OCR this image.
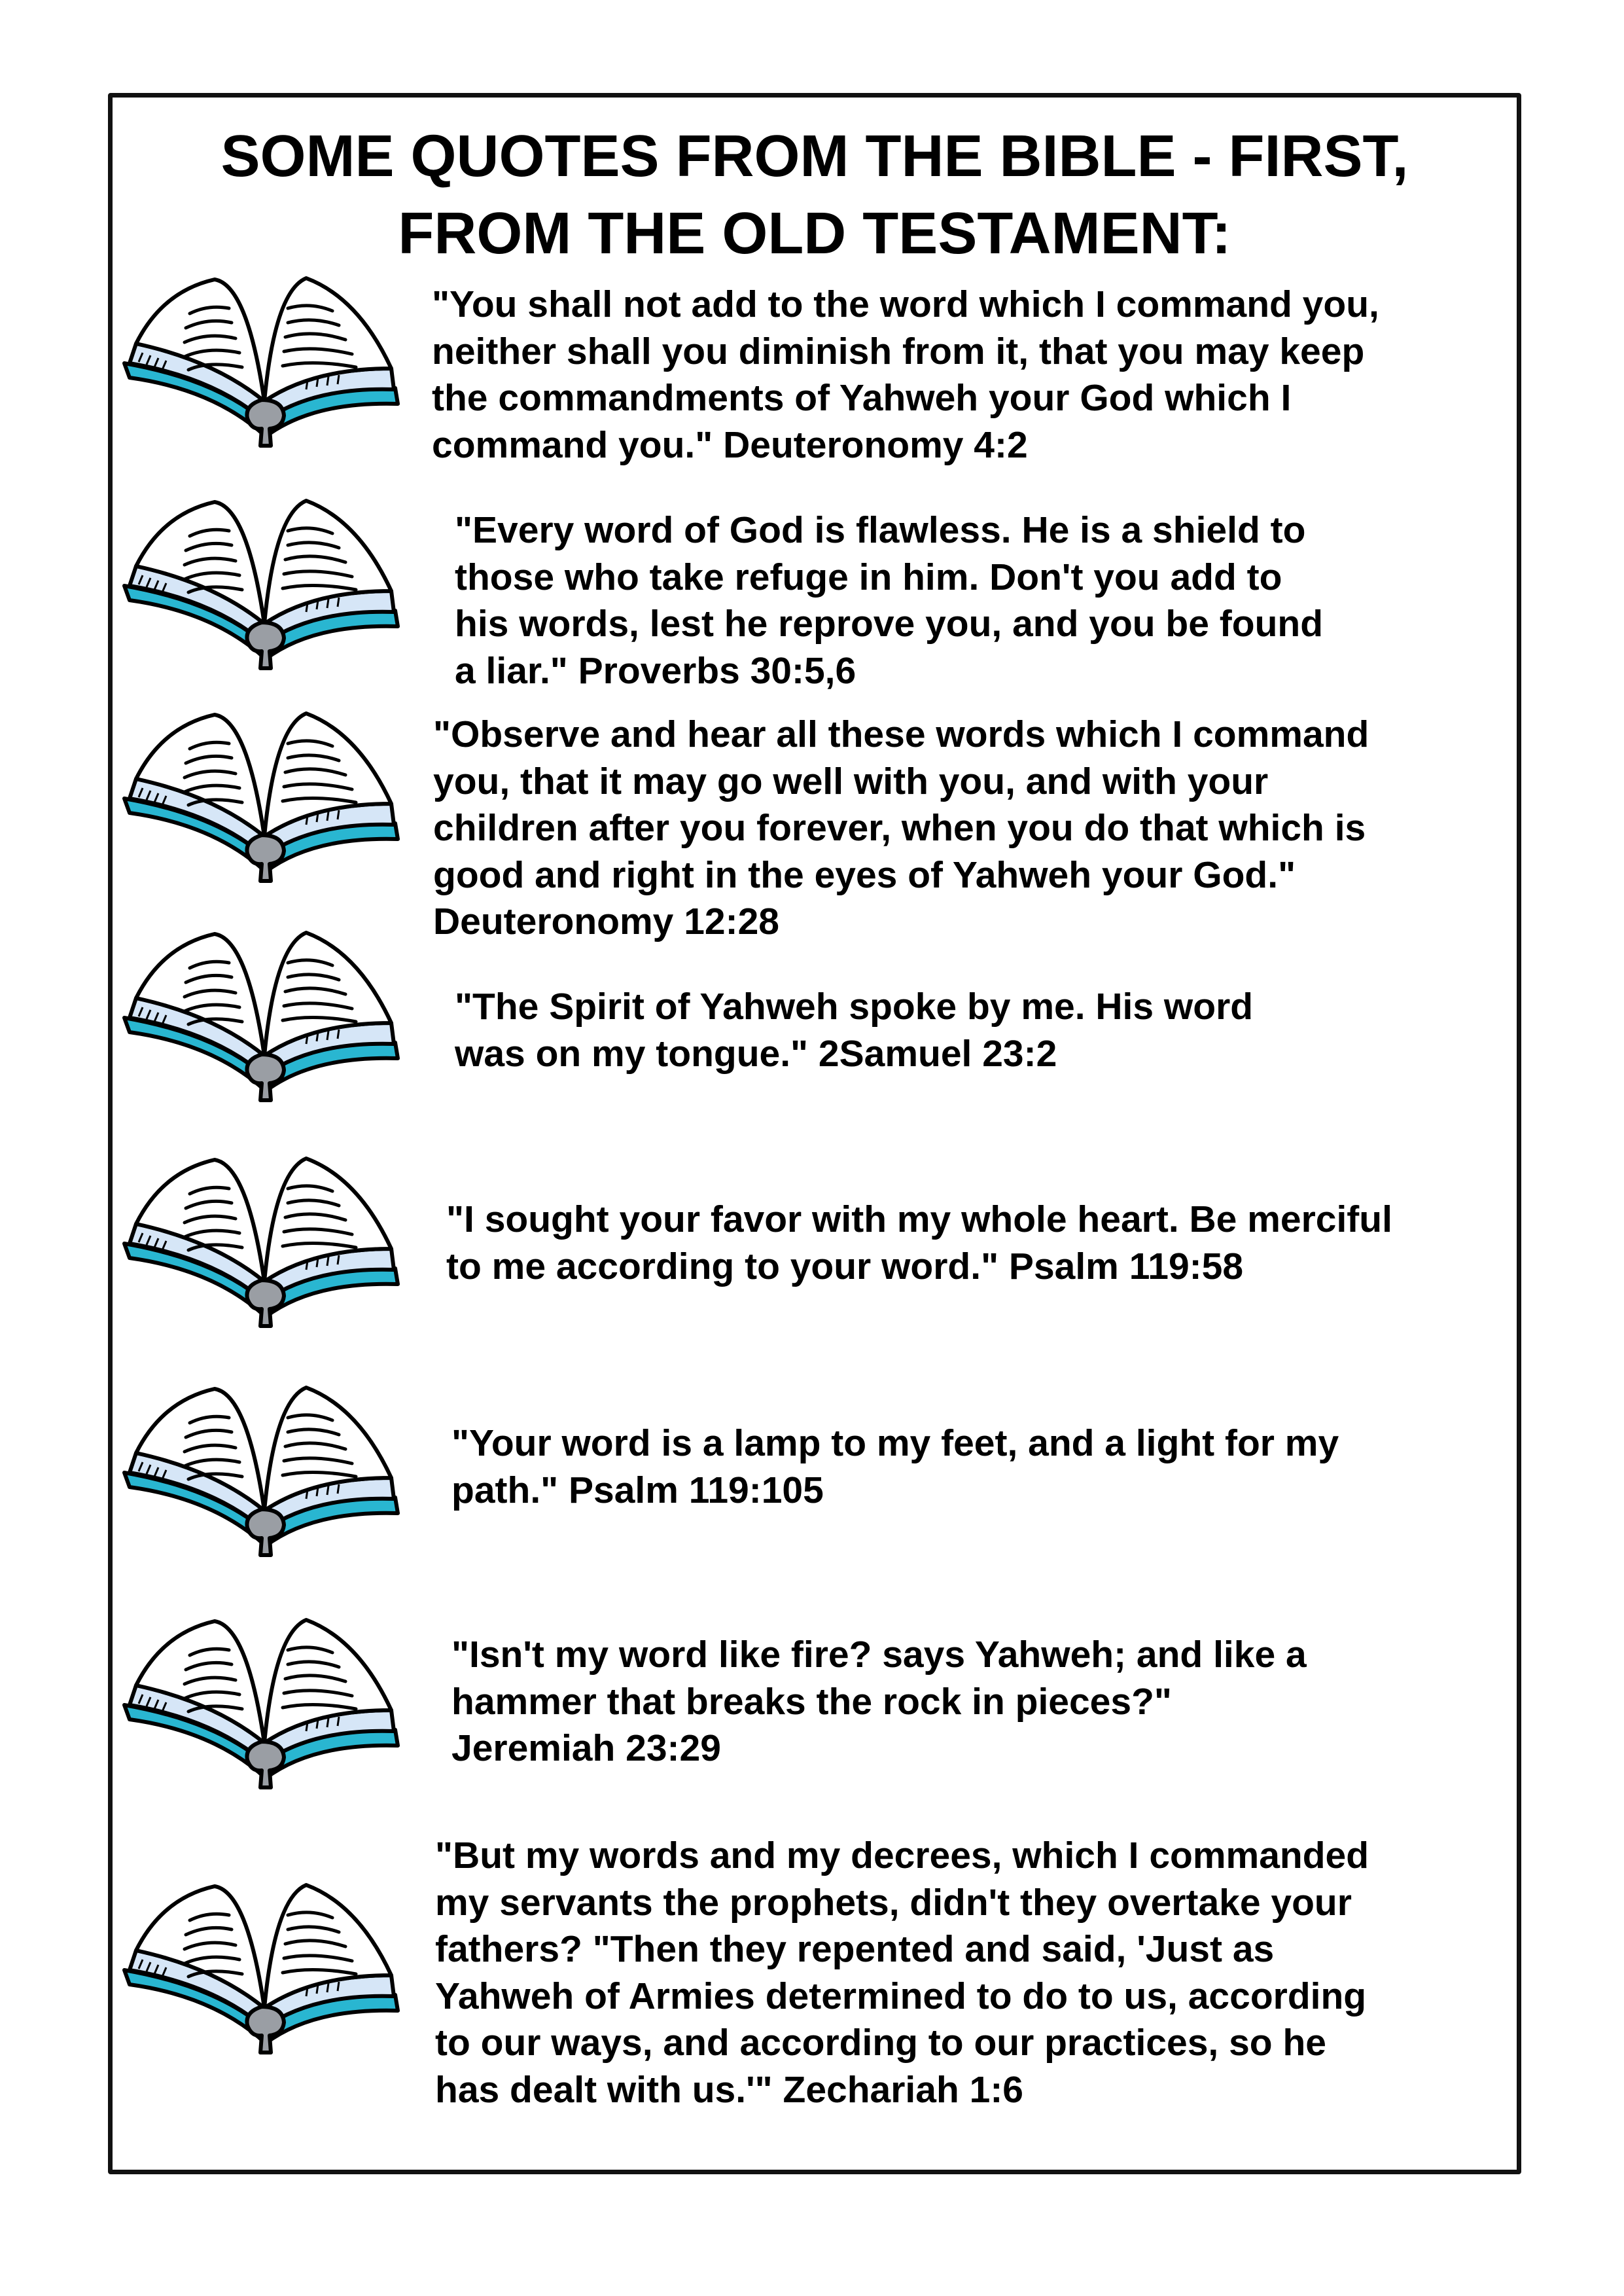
SOME QUOTES FROM THE BIBLE - FIRST,
FROM THE OLD TESTAMENT:

"You shall not add to the word which I command you,
neither shall you diminish from it, that you may keep
the commandments of Yahweh your God which I
command you." Deuteronomy 4:2

"Every word of God is flawless. He is a shield to
those who take refuge in him. Don't you add to
his words, lest he reprove you, and you be found
a liar." Proverbs 30:5,6

"Observe and hear all these words which I command
you, that it may go well with you, and with your
children after you forever, when you do that which is
good and right in the eyes of Yahweh your God."
Deuteronomy 12:28

"The Spirit of Yahweh spoke by me. His word
was on my tongue." 2Samuel 23:2

"I sought your favor with my whole heart. Be merciful
to me according to your word." Psalm 119:58

"Your word is a lamp to my feet, and a light for my
path." Psalm 119:105

"Isn't my word like fire? says Yahweh; and like a
hammer that breaks the rock in pieces?"
Jeremiah 23:29

"But my words and my decrees, which I commanded
my servants the prophets, didn't they overtake your
fathers? "Then they repented and said, 'Just as
Yahweh of Armies determined to do to us, according
to our ways, and according to our practices, so he
has dealt with us.'" Zechariah 1:6
